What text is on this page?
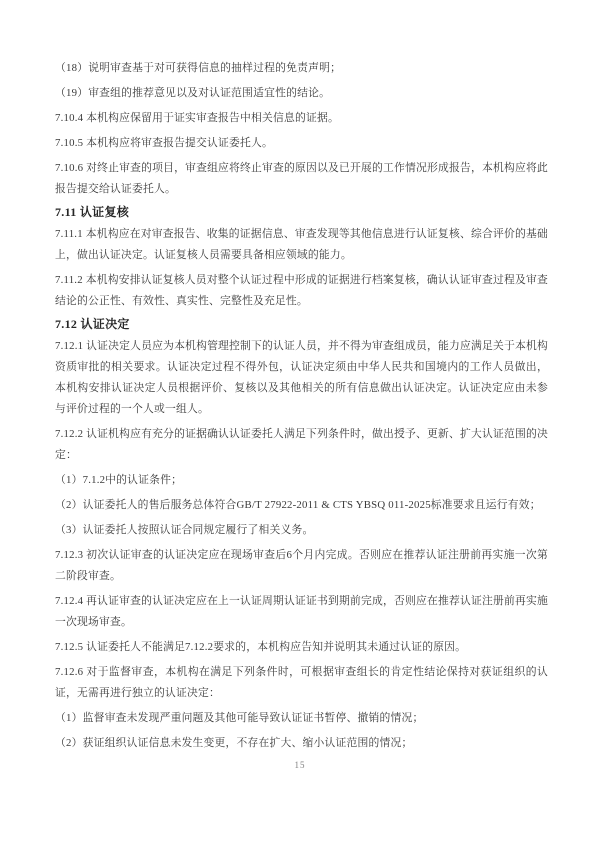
（18）说明审查基于对可获得信息的抽样过程的免责声明；
（19）审查组的推荐意见以及对认证范围适宜性的结论。
7.10.4 本机构应保留用于证实审查报告中相关信息的证据。
7.10.5 本机构应将审查报告提交认证委托人。
7.10.6 对终止审查的项目，审查组应将终止审查的原因以及已开展的工作情况形成报告，本机构应将此报告提交给认证委托人。
7.11 认证复核
7.11.1 本机构应在对审查报告、收集的证据信息、审查发现等其他信息进行认证复核、综合评价的基础上，做出认证决定。认证复核人员需要具备相应领域的能力。
7.11.2 本机构安排认证复核人员对整个认证过程中形成的证据进行档案复核，确认认证审查过程及审查结论的公正性、有效性、真实性、完整性及充足性。
7.12 认证决定
7.12.1 认证决定人员应为本机构管理控制下的认证人员，并不得为审查组成员，能力应满足关于本机构资质审批的相关要求。认证决定过程不得外包，认证决定须由中华人民共和国境内的工作人员做出，本机构安排认证决定人员根据评价、复核以及其他相关的所有信息做出认证决定。认证决定应由未参与评价过程的一个人或一组人。
7.12.2 认证机构应有充分的证据确认认证委托人满足下列条件时，做出授予、更新、扩大认证范围的决定：
（1）7.1.2中的认证条件；
（2）认证委托人的售后服务总体符合GB/T 27922-2011 & CTS YBSQ 011-2025标准要求且运行有效；
（3）认证委托人按照认证合同规定履行了相关义务。
7.12.3 初次认证审查的认证决定应在现场审查后6个月内完成。否则应在推荐认证注册前再实施一次第二阶段审查。
7.12.4 再认证审查的认证决定应在上一认证周期认证证书到期前完成，否则应在推荐认证注册前再实施一次现场审查。
7.12.5 认证委托人不能满足7.12.2要求的，本机构应告知并说明其未通过认证的原因。
7.12.6 对于监督审查，本机构在满足下列条件时，可根据审查组长的肯定性结论保持对获证组织的认证，无需再进行独立的认证决定：
（1）监督审查未发现严重问题及其他可能导致认证证书暂停、撤销的情况；
（2）获证组织认证信息未发生变更，不存在扩大、缩小认证范围的情况；
15
